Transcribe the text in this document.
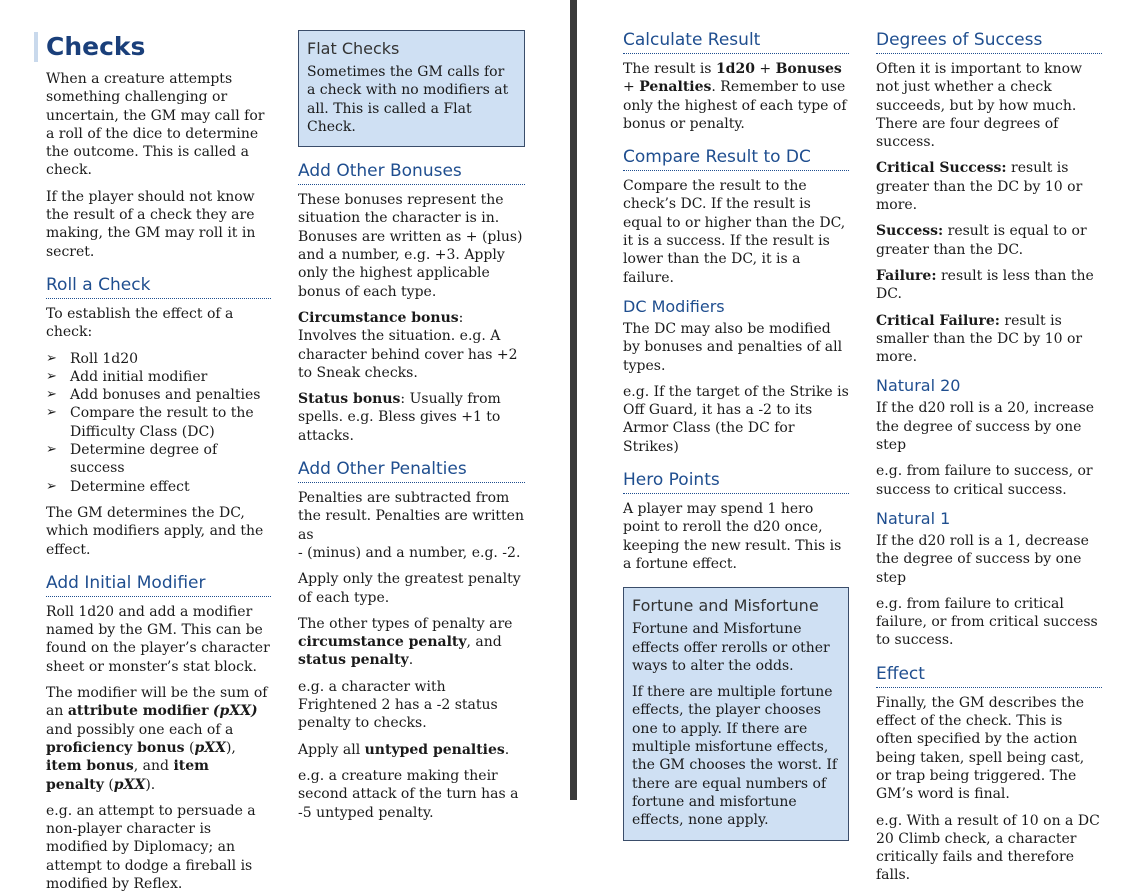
Checks

When a creature attempts something challenging or uncertain, the GM may call for a roll of the dice to determine the outcome. This is called a check.

If the player should not know the result of a check they are making, the GM may roll it in secret.

Roll a Check

To establish the effect of a check:

➢ Roll 1d20
➢ Add initial modifier
➢ Add bonuses and penalties
➢ Compare the result to the Difficulty Class (DC)
➢ Determine degree of success
➢ Determine effect

The GM determines the DC, which modifiers apply, and the effect.

Add Initial Modifier

Roll 1d20 and add a modifier named by the GM. This can be found on the player’s character sheet or monster’s stat block.

The modifier will be the sum of an attribute modifier (pXX) and possibly one each of a proficiency bonus (pXX), item bonus, and item penalty (pXX).

e.g. an attempt to persuade a non-player character is modified by Diplomacy; an attempt to dodge a fireball is modified by Reflex.

Flat Checks

Sometimes the GM calls for a check with no modifiers at all. This is called a Flat Check.

Add Other Bonuses

These bonuses represent the situation the character is in. Bonuses are written as + (plus) and a number, e.g. +3. Apply only the highest applicable bonus of each type.

Circumstance bonus: Involves the situation. e.g. A character behind cover has +2 to Sneak checks.

Status bonus: Usually from spells. e.g. Bless gives +1 to attacks.

Add Other Penalties

Penalties are subtracted from the result. Penalties are written as
- (minus) and a number, e.g. -2.

Apply only the greatest penalty of each type.

The other types of penalty are circumstance penalty, and status penalty.

e.g. a character with Frightened 2 has a -2 status penalty to checks.

Apply all untyped penalties.

e.g. a creature making their second attack of the turn has a -5 untyped penalty.

Calculate Result

The result is 1d20 + Bonuses + Penalties. Remember to use only the highest of each type of bonus or penalty.

Compare Result to DC

Compare the result to the check’s DC. If the result is equal to or higher than the DC, it is a success. If the result is lower than the DC, it is a failure.

DC Modifiers

The DC may also be modified by bonuses and penalties of all types.

e.g. If the target of the Strike is Off Guard, it has a -2 to its Armor Class (the DC for Strikes)

Hero Points

A player may spend 1 hero point to reroll the d20 once, keeping the new result. This is a fortune effect.

Fortune and Misfortune

Fortune and Misfortune effects offer rerolls or other ways to alter the odds.

If there are multiple fortune effects, the player chooses one to apply. If there are multiple misfortune effects, the GM chooses the worst. If there are equal numbers of fortune and misfortune effects, none apply.

Degrees of Success

Often it is important to know not just whether a check succeeds, but by how much. There are four degrees of success.

Critical Success: result is greater than the DC by 10 or more.

Success: result is equal to or greater than the DC.

Failure: result is less than the DC.

Critical Failure: result is smaller than the DC by 10 or more.

Natural 20

If the d20 roll is a 20, increase the degree of success by one step

e.g. from failure to success, or success to critical success.

Natural 1

If the d20 roll is a 1, decrease the degree of success by one step

e.g. from failure to critical failure, or from critical success to success.

Effect

Finally, the GM describes the effect of the check. This is often specified by the action being taken, spell being cast, or trap being triggered. The GM’s word is final.

e.g. With a result of 10 on a DC 20 Climb check, a character critically fails and therefore falls.
